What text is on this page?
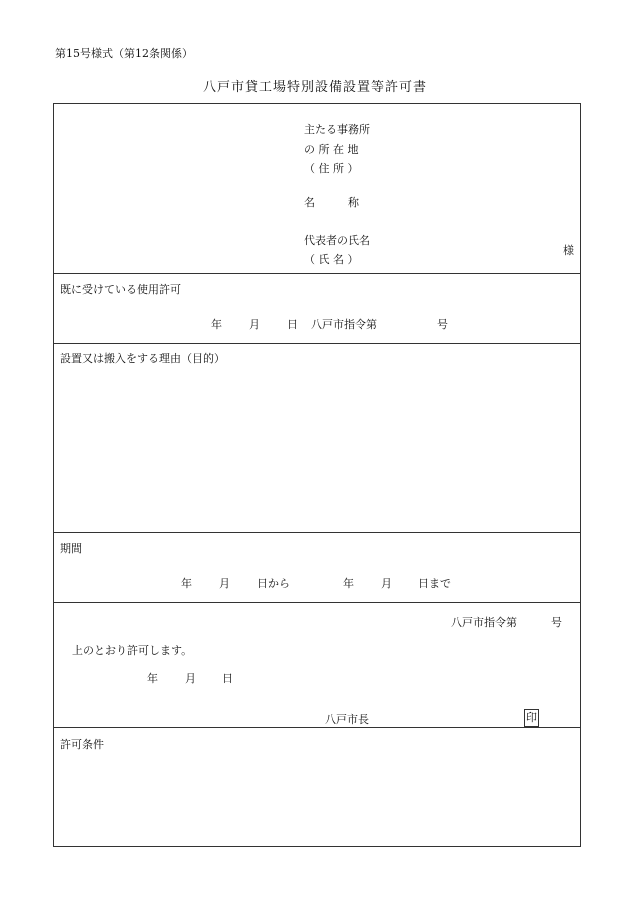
第15号様式（第12条関係）
八戸市貸工場特別設備設置等許可書
主たる事務所
の 所 在 地
（ 住 所 ）
名　　　称
代表者の氏名
（ 氏 名 ）
様
既に受けている使用許可
年 月 日 八戸市指令第	号
設置又は搬入をする理由（目的）
期間
年 月 日から	年 月 日まで
八戸市指令第	号
上のとおり許可します。
年 月 日
八戸市長	印
許可条件
